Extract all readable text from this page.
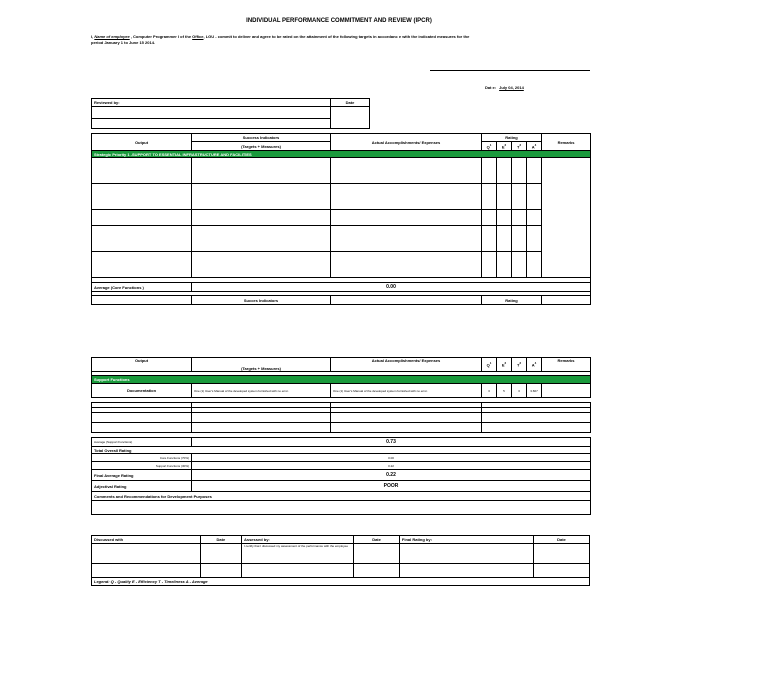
INDIVIDUAL PERFORMANCE COMMITMENT AND REVIEW (IPCR)
I, Name of employee , Computer Programmer I of the Office, LGU - commit to deliver and agree to be rated on the attainment of the following targets in accordanc e with the indicated measures for the
period January 1 to June 15 2014.
Dat e: July 04, 2014
Reviewed by:	Date

Output	Success Indicators	Actual Accomplishments/ Expenses	Rating				Remarks
	(Targets + Measures)		$Q^1$	$E^2$	$T^3$	$A^4$
Strategic Priority 1 -SUPPORT TO ESSENTIAL INFRASTRUCTURE AND FACILITIES							

Average (Core Functions )	0.00						

	Succes Indicators		Rating				
Output	(Targets + Measures)	Actual Accomplishments/ Expenses	$Q^1$	$E^2$	$T^3$	$A^4$	Remarks

Support Functions							
Documentation	One (1) User's Manual of the developed system furnished with no error.	One (1) User's Manual of the developed system furnished with no error.	3	5	3	3.667	

Average (Support Functions)	0.73						
Total Overall Rating							
Core Functions (70%)	0.00						
Support Functions (30%)	0.22						
Final Average Rating	0.22						
Adjectival Rating	POOR						
Comments and Recommendations for Development Purposes							

Discussed with	Date	Assessed by:	Date	Final Rating by:	Date
		I certify that I discussed my assessment of the performance with the employee			

Legend: Q - Quality E - Efficiency T - Timeliness A - Average					
